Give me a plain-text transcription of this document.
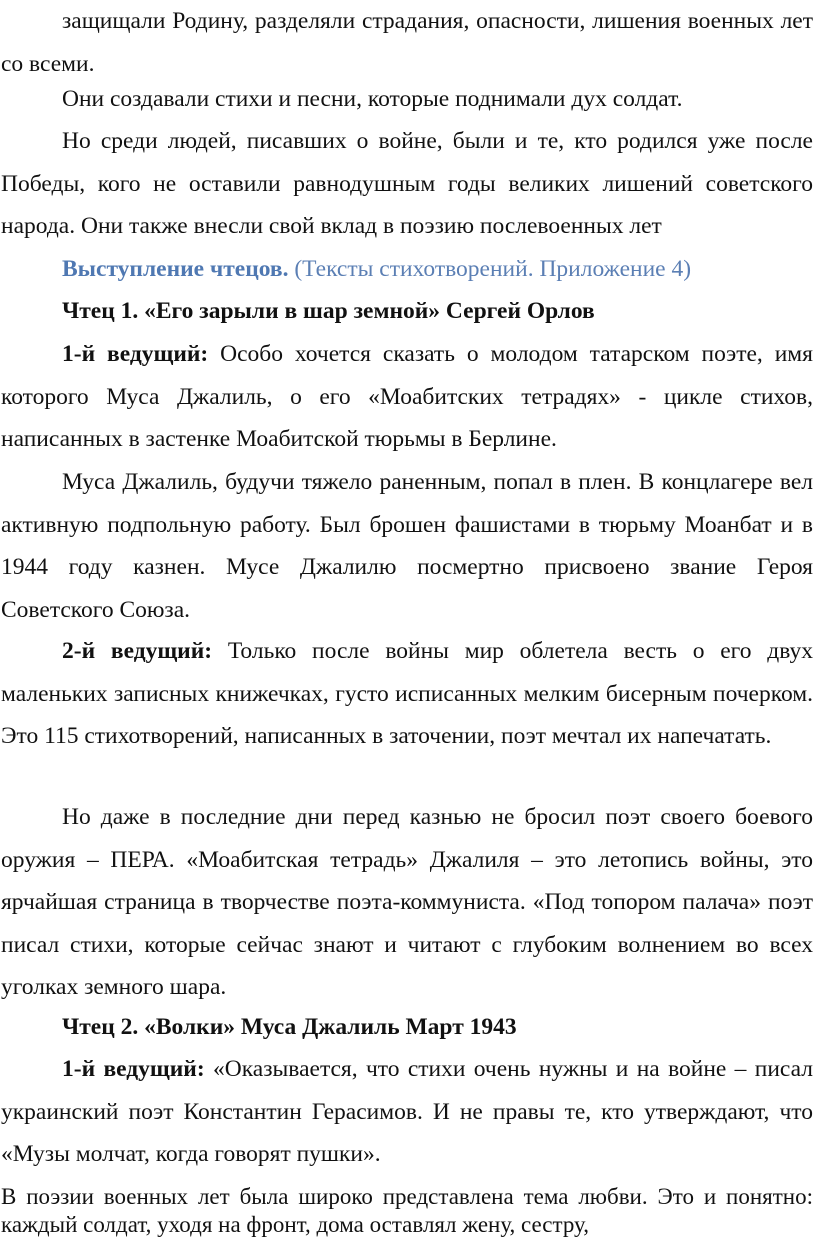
защищали Родину, разделяли страдания, опасности, лишения военных лет со всеми.

Они создавали стихи и песни, которые поднимали дух солдат.

Но среди людей, писавших о войне, были и те, кто родился уже после Победы, кого не оставили равнодушным годы великих лишений советского народа. Они также внесли свой вклад в поэзию послевоенных лет

Выступление чтецов. (Тексты стихотворений. Приложение 4)

Чтец 1. «Его зарыли в шар земной» Сергей Орлов

1-й ведущий: Особо хочется сказать о молодом татарском поэте, имя которого Муса Джалиль, о его «Моабитских тетрадях» - цикле стихов, написанных в застенке Моабитской тюрьмы в Берлине.

Муса Джалиль, будучи тяжело раненным, попал в плен. В концлагере вел активную подпольную работу. Был брошен фашистами в тюрьму Моанбат и в 1944 году казнен. Мусе Джалилю посмертно присвоено звание Героя Советского Союза.

2-й ведущий: Только после войны мир облетела весть о его двух маленьких записных книжечках, густо исписанных мелким бисерным почерком. Это 115 стихотворений, написанных в заточении, поэт мечтал их напечатать.

Но даже в последние дни перед казнью не бросил поэт своего боевого оружия – ПЕРА. «Моабитская тетрадь» Джалиля – это летопись войны, это ярчайшая страница в творчестве поэта-коммуниста. «Под топором палача» поэт писал стихи, которые сейчас знают и читают с глубоким волнением во всех уголках земного шара.

Чтец 2. «Волки» Муса Джалиль Март 1943

1-й ведущий: «Оказывается, что стихи очень нужны и на войне – писал украинский поэт Константин Герасимов. И не правы те, кто утверждают, что «Музы молчат, когда говорят пушки».

В поэзии военных лет была широко представлена тема любви. Это и понятно: каждый солдат, уходя на фронт, дома оставлял жену, сестру,
